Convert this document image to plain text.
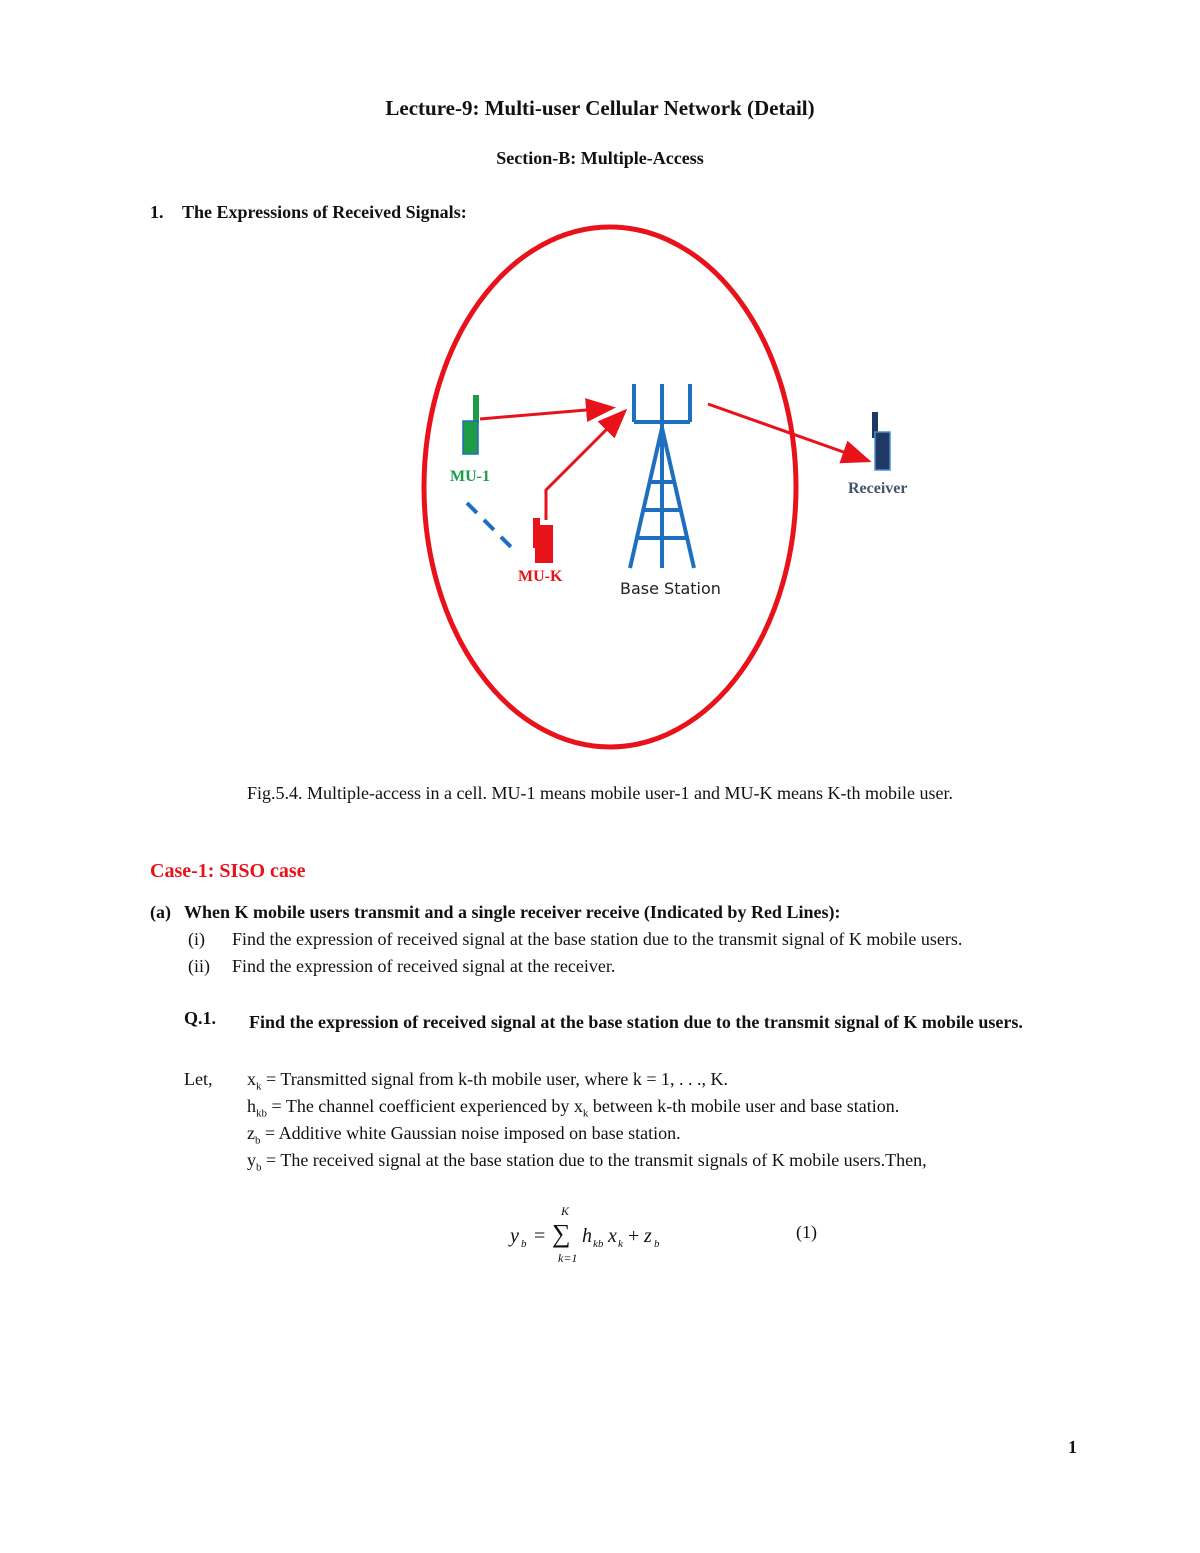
Lecture-9: Multi-user Cellular Network (Detail)
Section-B: Multiple-Access
1. The Expressions of Received Signals:
MU-1
MU-K
Base Station
Receiver
Fig.5.4. Multiple-access in a cell. MU-1 means mobile user-1 and MU-K means K-th mobile user.
Case-1: SISO case
(a) When K mobile users transmit and a single receiver receive (Indicated by Red Lines):
(i) Find the expression of received signal at the base station due to the transmit signal of K mobile users.
(ii) Find the expression of received signal at the receiver.
Q.1. Find the expression of received signal at the base station due to the transmit signal of K mobile users.
Let, $x_k$ = Transmitted signal from k-th mobile user, where k = 1, . . ., K.
$h_{kb}$ = The channel coefficient experienced by $x_k$ between k-th mobile user and base station.
$z_b$ = Additive white Gaussian noise imposed on base station.
$y_b$ = The received signal at the base station due to the transmit signals of K mobile users.Then,
y b =
K
∑
k=1
h kb x k + z b
(1)
1
